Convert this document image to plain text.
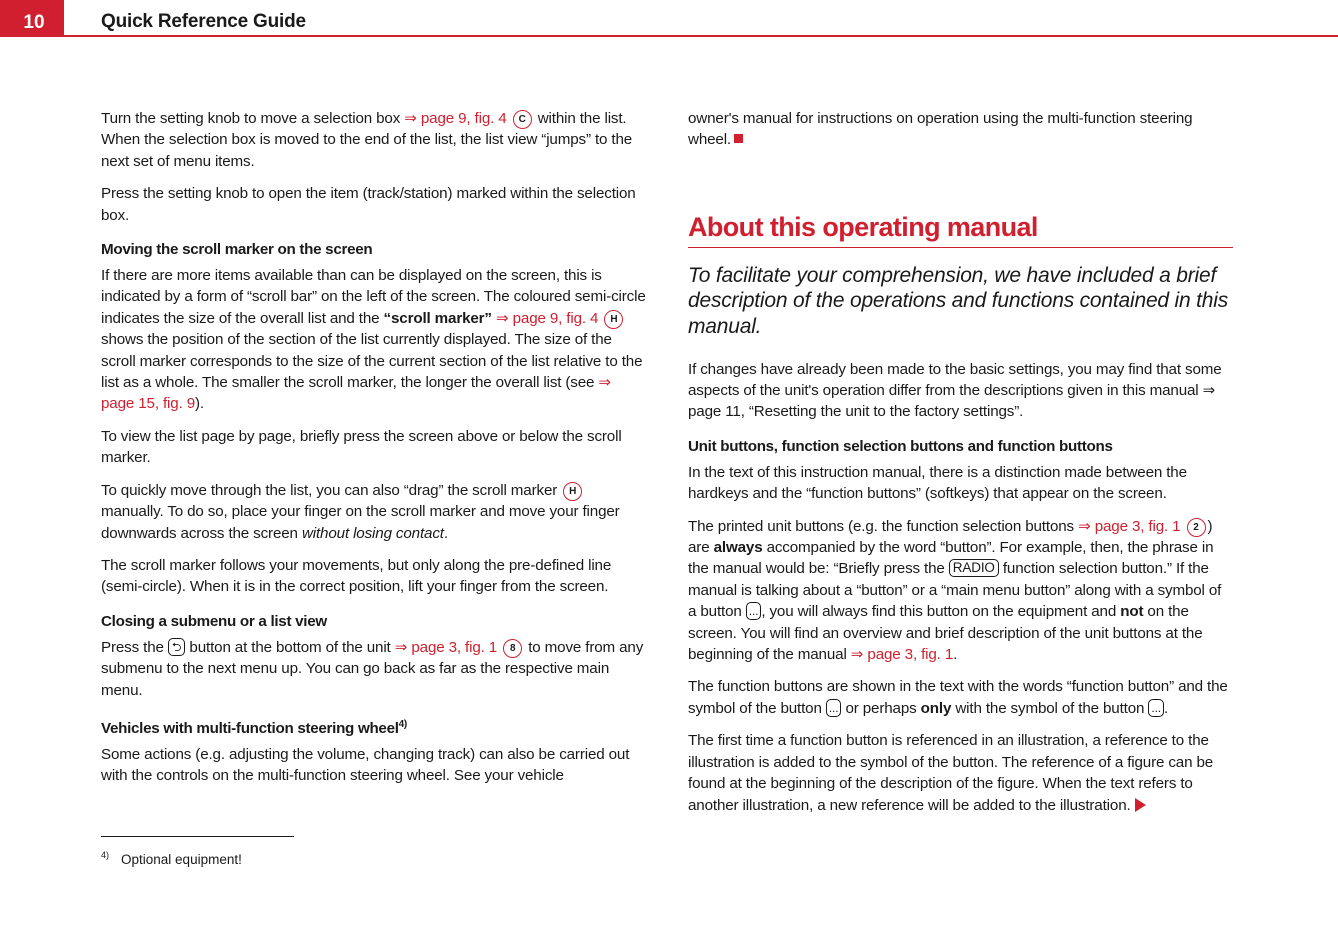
10	Quick Reference Guide

Turn the setting knob to move a selection box ⇒ page 9, fig. 4 C within the list. When the selection box is moved to the end of the list, the list view “jumps” to the next set of menu items.

Press the setting knob to open the item (track/station) marked within the selection box.

Moving the scroll marker on the screen

If there are more items available than can be displayed on the screen, this is indicated by a form of “scroll bar” on the left of the screen. The coloured semi-circle indicates the size of the overall list and the “scroll marker” ⇒ page 9, fig. 4 H shows the position of the section of the list currently displayed. The size of the scroll marker corresponds to the size of the current section of the list relative to the list as a whole. The smaller the scroll marker, the longer the overall list (see ⇒ page 15, fig. 9).

To view the list page by page, briefly press the screen above or below the scroll marker.

To quickly move through the list, you can also “drag” the scroll marker H manually. To do so, place your finger on the scroll marker and move your finger downwards across the screen without losing contact.

The scroll marker follows your movements, but only along the pre-defined line (semi-circle). When it is in the correct position, lift your finger from the screen.

Closing a submenu or a list view

Press the ⮌ button at the bottom of the unit ⇒ page 3, fig. 1 8 to move from any submenu to the next menu up. You can go back as far as the respective main menu.

Vehicles with multi-function steering wheel$^{4)}$

Some actions (e.g. adjusting the volume, changing track) can also be carried out with the controls on the multi-function steering wheel. See your vehicle

$^{4)}$ Optional equipment!

owner's manual for instructions on operation using the multi-function steering wheel.

About this operating manual
To facilitate your comprehension, we have included a brief description of the operations and functions contained in this manual.

If changes have already been made to the basic settings, you may find that some aspects of the unit's operation differ from the descriptions given in this manual ⇒ page 11, “Resetting the unit to the factory settings”.

Unit buttons, function selection buttons and function buttons

In the text of this instruction manual, there is a distinction made between the hardkeys and the “function buttons” (softkeys) that appear on the screen.

The printed unit buttons (e.g. the function selection buttons ⇒ page 3, fig. 1 2 ) are always accompanied by the word “button”. For example, then, the phrase in the manual would be: “Briefly press the RADIO function selection button.” If the manual is talking about a “button” or a “main menu button” along with a symbol of a button ... , you will always find this button on the equipment and not on the screen. You will find an overview and brief description of the unit buttons at the beginning of the manual ⇒ page 3, fig. 1.

The function buttons are shown in the text with the words “function button” and the symbol of the button ... or perhaps only with the symbol of the button ... .

The first time a function button is referenced in an illustration, a reference to the illustration is added to the symbol of the button. The reference of a figure can be found at the beginning of the description of the figure. When the text refers to another illustration, a new reference will be added to the illustration.
